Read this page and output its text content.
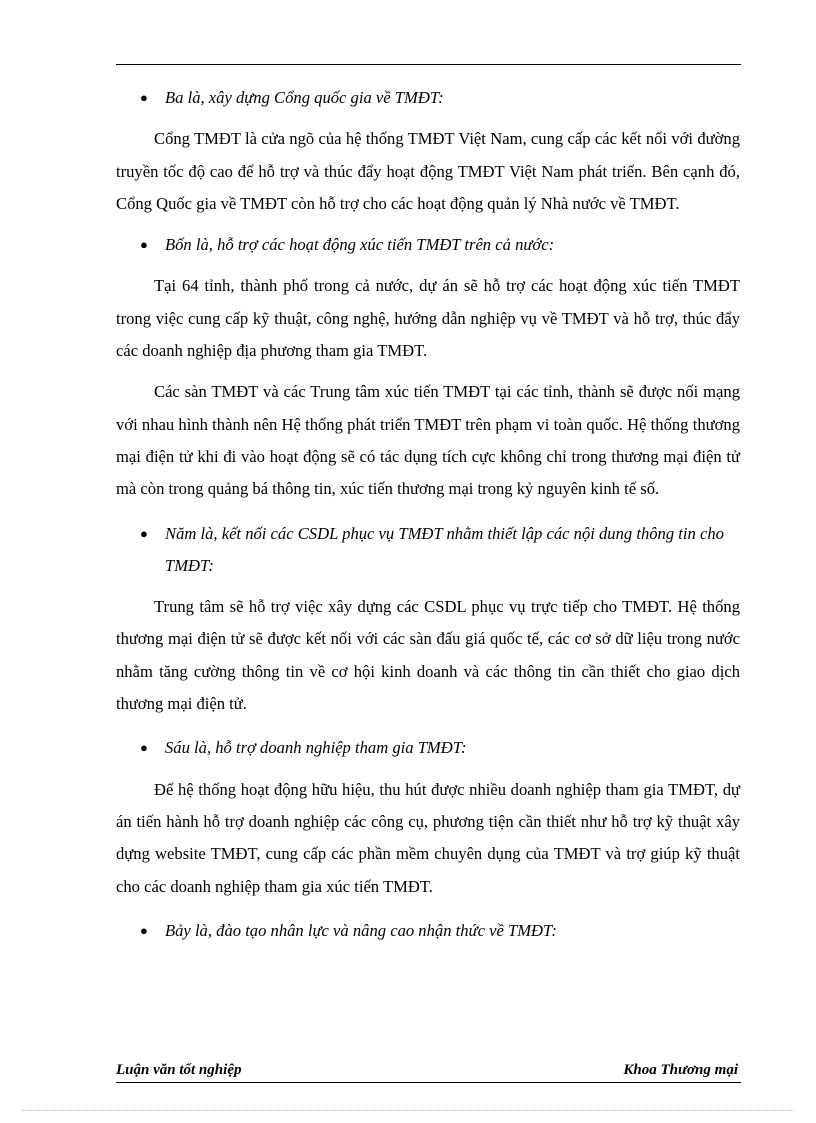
● Ba là, xây dựng Cổng quốc gia về TMĐT:

Cổng TMĐT là cửa ngõ của hệ thống TMĐT Việt Nam, cung cấp các kết nối với đường truyền tốc độ cao để hỗ trợ và thúc đẩy hoạt động TMĐT Việt Nam phát triển. Bên cạnh đó, Cổng Quốc gia về TMĐT còn hỗ trợ cho các hoạt động quản lý Nhà nước về TMĐT.

● Bốn là, hỗ trợ các hoạt động xúc tiến TMĐT trên cả nước:

Tại 64 tỉnh, thành phố trong cả nước, dự án sẽ hỗ trợ các hoạt động xúc tiến TMĐT trong việc cung cấp kỹ thuật, công nghệ, hướng dẫn nghiệp vụ về TMĐT và hỗ trợ, thúc đẩy các doanh nghiệp địa phương tham gia TMĐT.

Các sàn TMĐT và các Trung tâm xúc tiến TMĐT tại các tỉnh, thành sẽ được nối mạng với nhau hình thành nên Hệ thống phát triển TMĐT trên phạm vi toàn quốc. Hệ thống thương mại điện tử khi đi vào hoạt động sẽ có tác dụng tích cực không chỉ trong thương mại điện tử mà còn trong quảng bá thông tin, xúc tiến thương mại trong kỷ nguyên kinh tế số.

● Năm là, kết nối các CSDL phục vụ TMĐT nhằm thiết lập các nội dung thông tin cho TMĐT:

Trung tâm sẽ hỗ trợ việc xây dựng các CSDL phục vụ trực tiếp cho TMĐT. Hệ thống thương mại điện tử sẽ được kết nối với các sàn đấu giá quốc tế, các cơ sở dữ liệu trong nước nhằm tăng cường thông tin về cơ hội kinh doanh và các thông tin cần thiết cho giao dịch thương mại điện tử.

● Sáu là, hỗ trợ doanh nghiệp tham gia TMĐT:

Để hệ thống hoạt động hữu hiệu, thu hút được nhiều doanh nghiệp tham gia TMĐT, dự án tiến hành hỗ trợ doanh nghiệp các công cụ, phương tiện cần thiết như hỗ trợ kỹ thuật xây dựng website TMĐT, cung cấp các phần mềm chuyên dụng của TMĐT và trợ giúp kỹ thuật cho các doanh nghiệp tham gia xúc tiến TMĐT.

● Bảy là, đào tạo nhân lực và nâng cao nhận thức về TMĐT:

Luận văn tốt nghiệp	Khoa Thương mại
